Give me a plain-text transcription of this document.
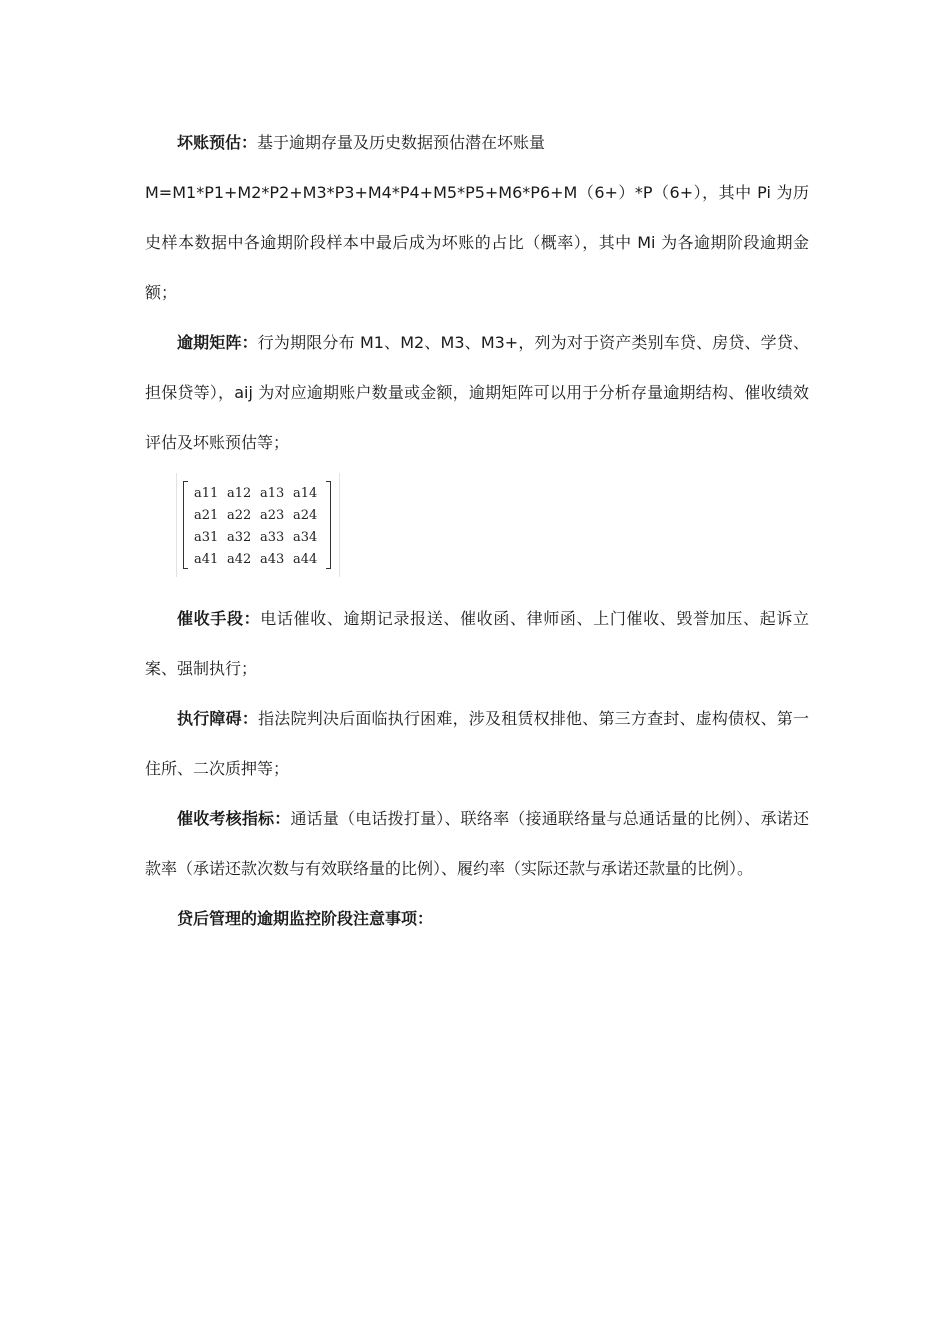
坏账预估：基于逾期存量及历史数据预估潜在坏账量

M=M1*P1+M2*P2+M3*P3+M4*P4+M5*P5+M6*P6+M（6+）*P（6+），其中 Pi 为历史样本数据中各逾期阶段样本中最后成为坏账的占比（概率），其中 Mi 为各逾期阶段逾期金额；

逾期矩阵：行为期限分布 M1、M2、M3、M3+，列为对于资产类别车贷、房贷、学贷、担保贷等），aij 为对应逾期账户数量或金额，逾期矩阵可以用于分析存量逾期结构、催收绩效评估及坏账预估等；

催收手段：电话催收、逾期记录报送、催收函、律师函、上门催收、毁誉加压、起诉立案、强制执行；

执行障碍：指法院判决后面临执行困难，涉及租赁权排他、第三方查封、虚构债权、第一住所、二次质押等；

催收考核指标：通话量（电话拨打量）、联络率（接通联络量与总通话量的比例）、承诺还款率（承诺还款次数与有效联络量的比例）、履约率（实际还款与承诺还款量的比例）。

贷后管理的逾期监控阶段注意事项：

a11 a12 a13 a14
a21 a22 a23 a24
a31 a32 a33 a34
a41 a42 a43 a44
